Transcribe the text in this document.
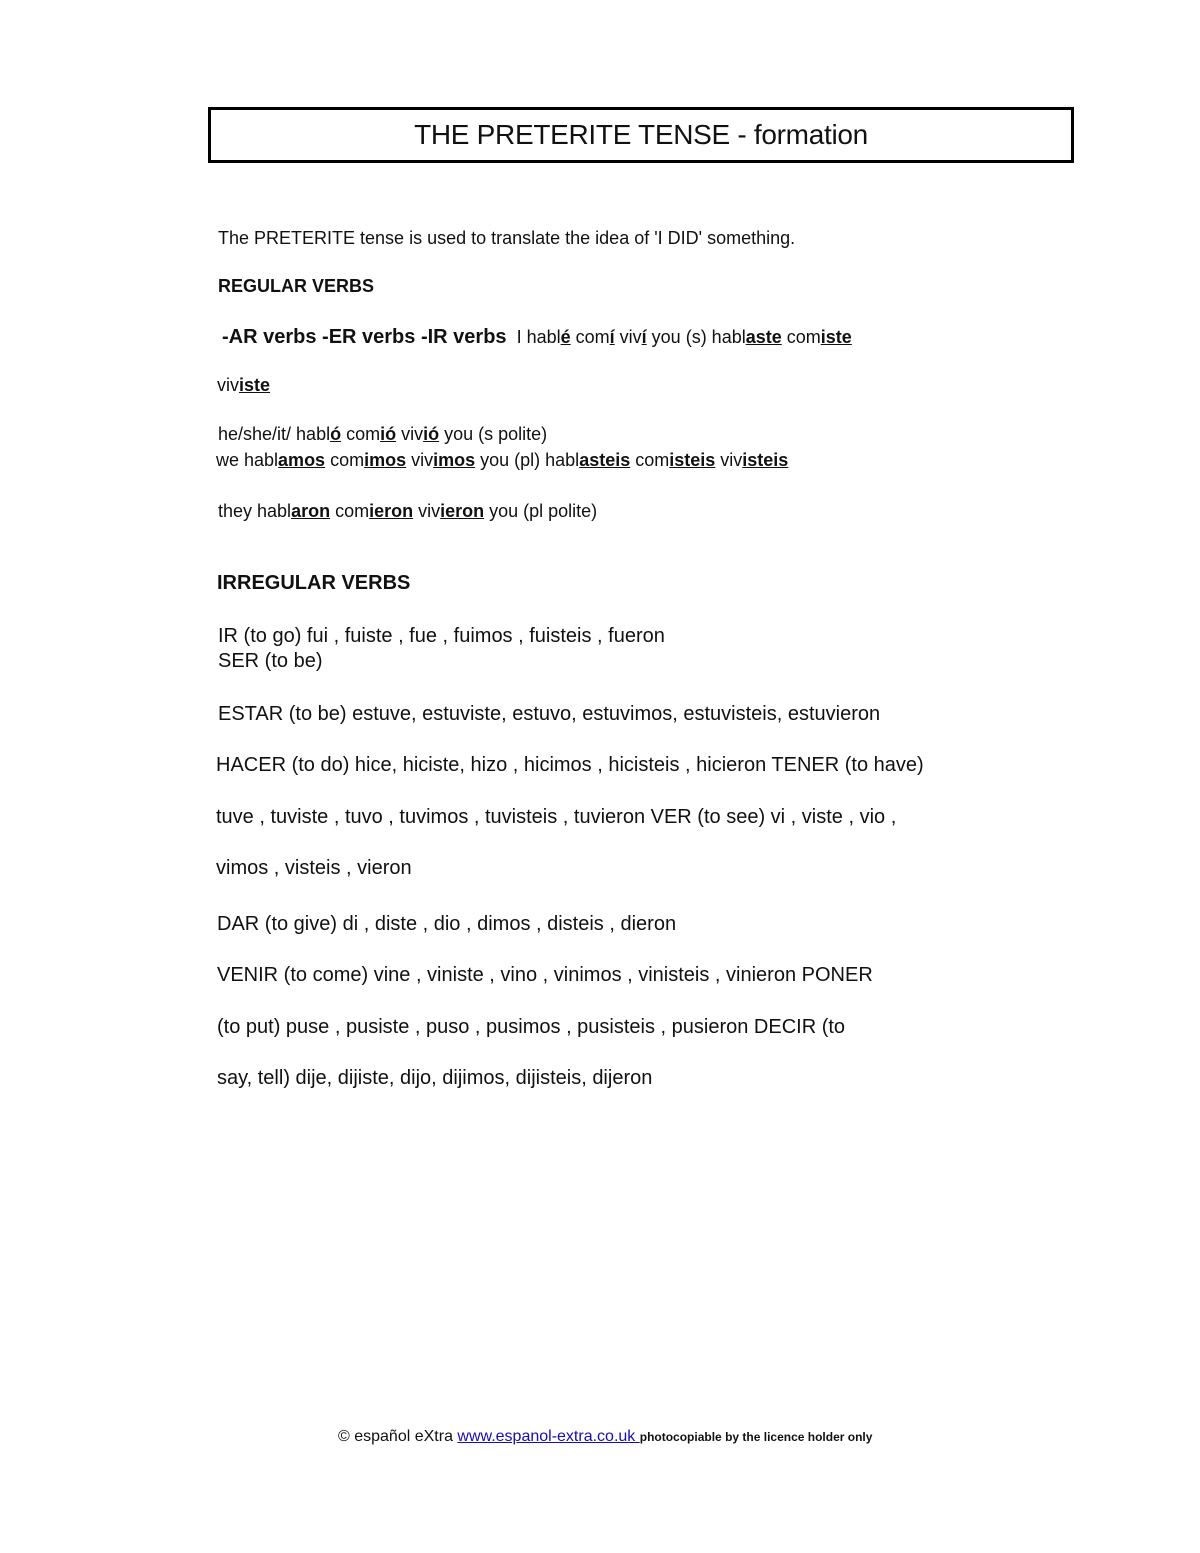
THE PRETERITE TENSE - formation
The PRETERITE tense is used to translate the idea of 'I DID' something.
REGULAR VERBS
-AR verbs -ER verbs -IR verbs I hablé comí viví you (s) hablaste comiste
viviste
he/she/it/ habló comió vivió you (s polite)
we hablamos comimos vivimos you (pl) hablasteis comisteis vivisteis
they hablaron comieron vivieron you (pl polite)
IRREGULAR VERBS
IR (to go) fui , fuiste , fue , fuimos , fuisteis , fueron
SER (to be)
ESTAR (to be) estuve, estuviste, estuvo, estuvimos, estuvisteis, estuvieron
HACER (to do) hice, hiciste, hizo , hicimos , hicisteis , hicieron TENER (to have)
tuve , tuviste , tuvo , tuvimos , tuvisteis , tuvieron VER (to see) vi , viste , vio ,
vimos , visteis , vieron
DAR (to give) di , diste , dio , dimos , disteis , dieron
VENIR (to come) vine , viniste , vino , vinimos , vinisteis , vinieron PONER
(to put) puse , pusiste , puso , pusimos , pusisteis , pusieron DECIR (to
say, tell) dije, dijiste, dijo, dijimos, dijisteis, dijeron
© español eXtra www.espanol-extra.co.uk photocopiable by the licence holder only
